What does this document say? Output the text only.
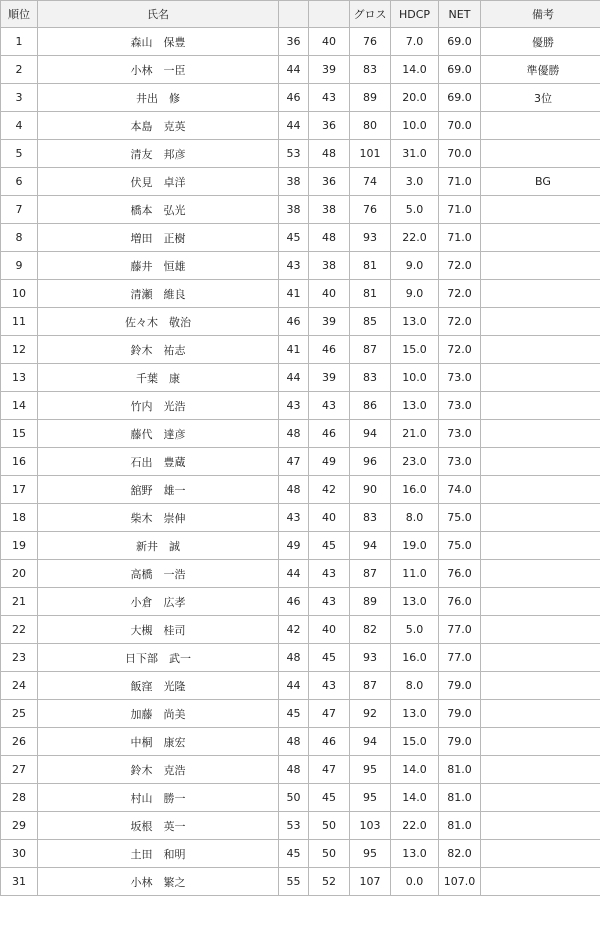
順位	氏名			グロス	HDCP	NET	備考
1	森山　保豊	36	40	76	7.0	69.0	優勝
2	小林　一臣	44	39	83	14.0	69.0	準優勝
3	井出　修	46	43	89	20.0	69.0	3位
4	本島　克英	44	36	80	10.0	70.0	
5	清友　邦彦	53	48	101	31.0	70.0	
6	伏見　卓洋	38	36	74	3.0	71.0	BG
7	橋本　弘光	38	38	76	5.0	71.0	
8	増田　正樹	45	48	93	22.0	71.0	
9	藤井　恒雄	43	38	81	9.0	72.0	
10	清瀬　維良	41	40	81	9.0	72.0	
11	佐々木　敬治	46	39	85	13.0	72.0	
12	鈴木　祐志	41	46	87	15.0	72.0	
13	千葉　康	44	39	83	10.0	73.0	
14	竹内　光浩	43	43	86	13.0	73.0	
15	藤代　達彦	48	46	94	21.0	73.0	
16	石出　豊蔵	47	49	96	23.0	73.0	
17	舘野　雄一	48	42	90	16.0	74.0	
18	柴木　崇伸	43	40	83	8.0	75.0	
19	新井　誠	49	45	94	19.0	75.0	
20	高橋　一浩	44	43	87	11.0	76.0	
21	小倉　広孝	46	43	89	13.0	76.0	
22	大槻　桂司	42	40	82	5.0	77.0	
23	日下部　武一	48	45	93	16.0	77.0	
24	飯窪　光隆	44	43	87	8.0	79.0	
25	加藤　尚美	45	47	92	13.0	79.0	
26	中桐　康宏	48	46	94	15.0	79.0	
27	鈴木　克浩	48	47	95	14.0	81.0	
28	村山　勝一	50	45	95	14.0	81.0	
29	坂根　英一	53	50	103	22.0	81.0	
30	土田　和明	45	50	95	13.0	82.0	
31	小林　繁之	55	52	107	0.0	107.0	
